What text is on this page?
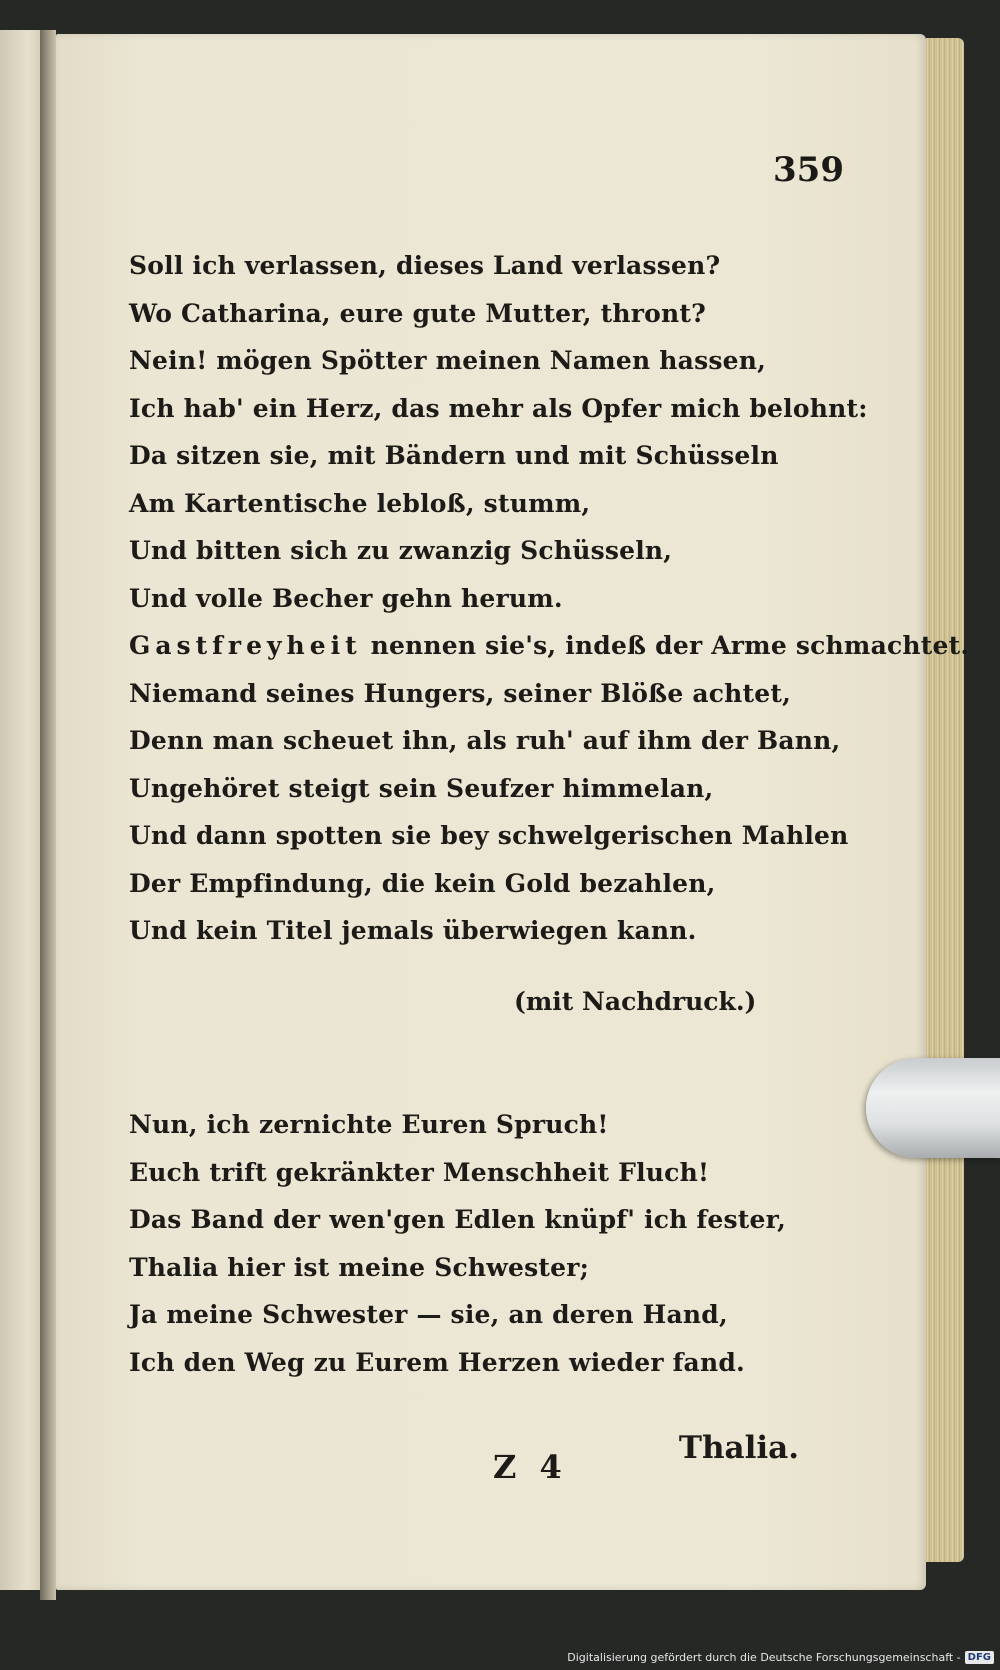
359

Soll ich verlassen, dieses Land verlassen?
Wo Catharina, eure gute Mutter, thront?
Nein! mögen Spötter meinen Namen hassen,
Ich hab' ein Herz, das mehr als Opfer mich belohnt:
Da sitzen sie, mit Bändern und mit Schüsseln
Am Kartentische lebloß, stumm,
Und bitten sich zu zwanzig Schüsseln,
Und volle Becher gehn herum.
Gastfreyheit nennen sie's, indeß der Arme schmachtet.
Niemand seines Hungers, seiner Blöße achtet,
Denn man scheuet ihn, als ruh' auf ihm der Bann,
Ungehöret steigt sein Seufzer himmelan,
Und dann spotten sie bey schwelgerischen Mahlen
Der Empfindung, die kein Gold bezahlen,
Und kein Titel jemals überwiegen kann.

(mit Nachdruck.)

Nun, ich zernichte Euren Spruch!
Euch trift gekränkter Menschheit Fluch!
Das Band der wen'gen Edlen knüpf' ich fester,
Thalia hier ist meine Schwester;
Ja meine Schwester — sie, an deren Hand,
Ich den Weg zu Eurem Herzen wieder fand.

Z 4	Thalia.

Digitalisierung gefördert durch die Deutsche Forschungsgemeinschaft - DFG
